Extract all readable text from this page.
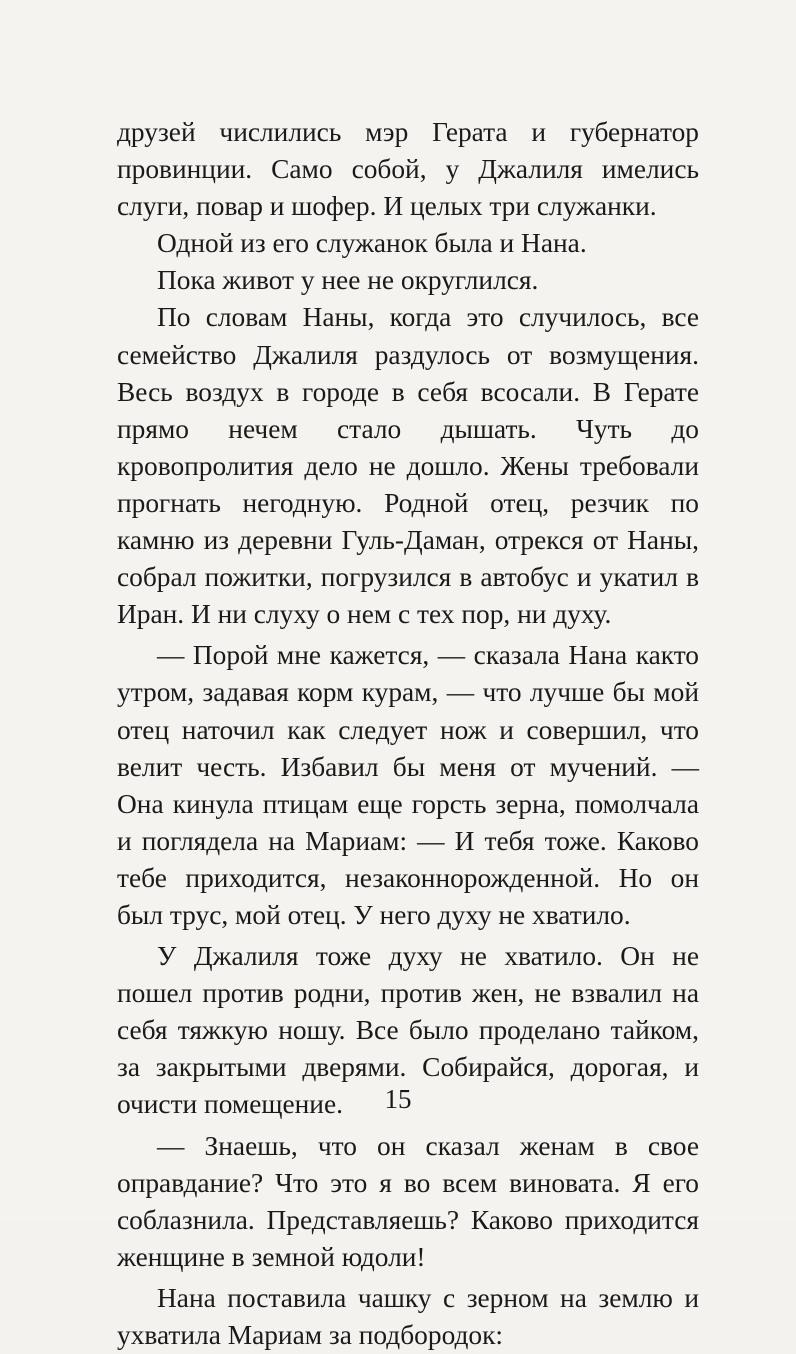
друзей числились мэр Герата и губернатор провинции. Само собой, у Джалиля имелись слуги, повар и шофер. И целых три служанки.

Одной из его служанок была и Нана.

Пока живот у нее не округлился.

По словам Наны, когда это случилось, все семейство Джалиля раздулось от возмущения. Весь воздух в городе в себя всосали. В Герате прямо нечем стало дышать. Чуть до кровопролития дело не дошло. Жены требовали прогнать негодную. Родной отец, резчик по камню из деревни Гуль-Даман, отрекся от Наны, собрал пожитки, погрузился в автобус и укатил в Иран. И ни слуху о нем с тех пор, ни духу.

— Порой мне кажется, — сказала Нана както утром, задавая корм курам, — что лучше бы мой отец наточил как следует нож и совершил, что велит честь. Избавил бы меня от мучений. — Она кинула птицам еще горсть зерна, помолчала и поглядела на Мариам: — И тебя тоже. Каково тебе приходится, незаконнорожденной. Но он был трус, мой отец. У него духу не хватило.

У Джалиля тоже духу не хватило. Он не пошел против родни, против жен, не взвалил на себя тяжкую ношу. Все было проделано тайком, за закрытыми дверями. Собирайся, дорогая, и очисти помещение.

— Знаешь, что он сказал женам в свое оправдание? Что это я во всем виновата. Я его соблазнила. Представляешь? Каково приходится женщине в земной юдоли!

Нана поставила чашку с зерном на землю и ухватила Мариам за подбородок:

15
